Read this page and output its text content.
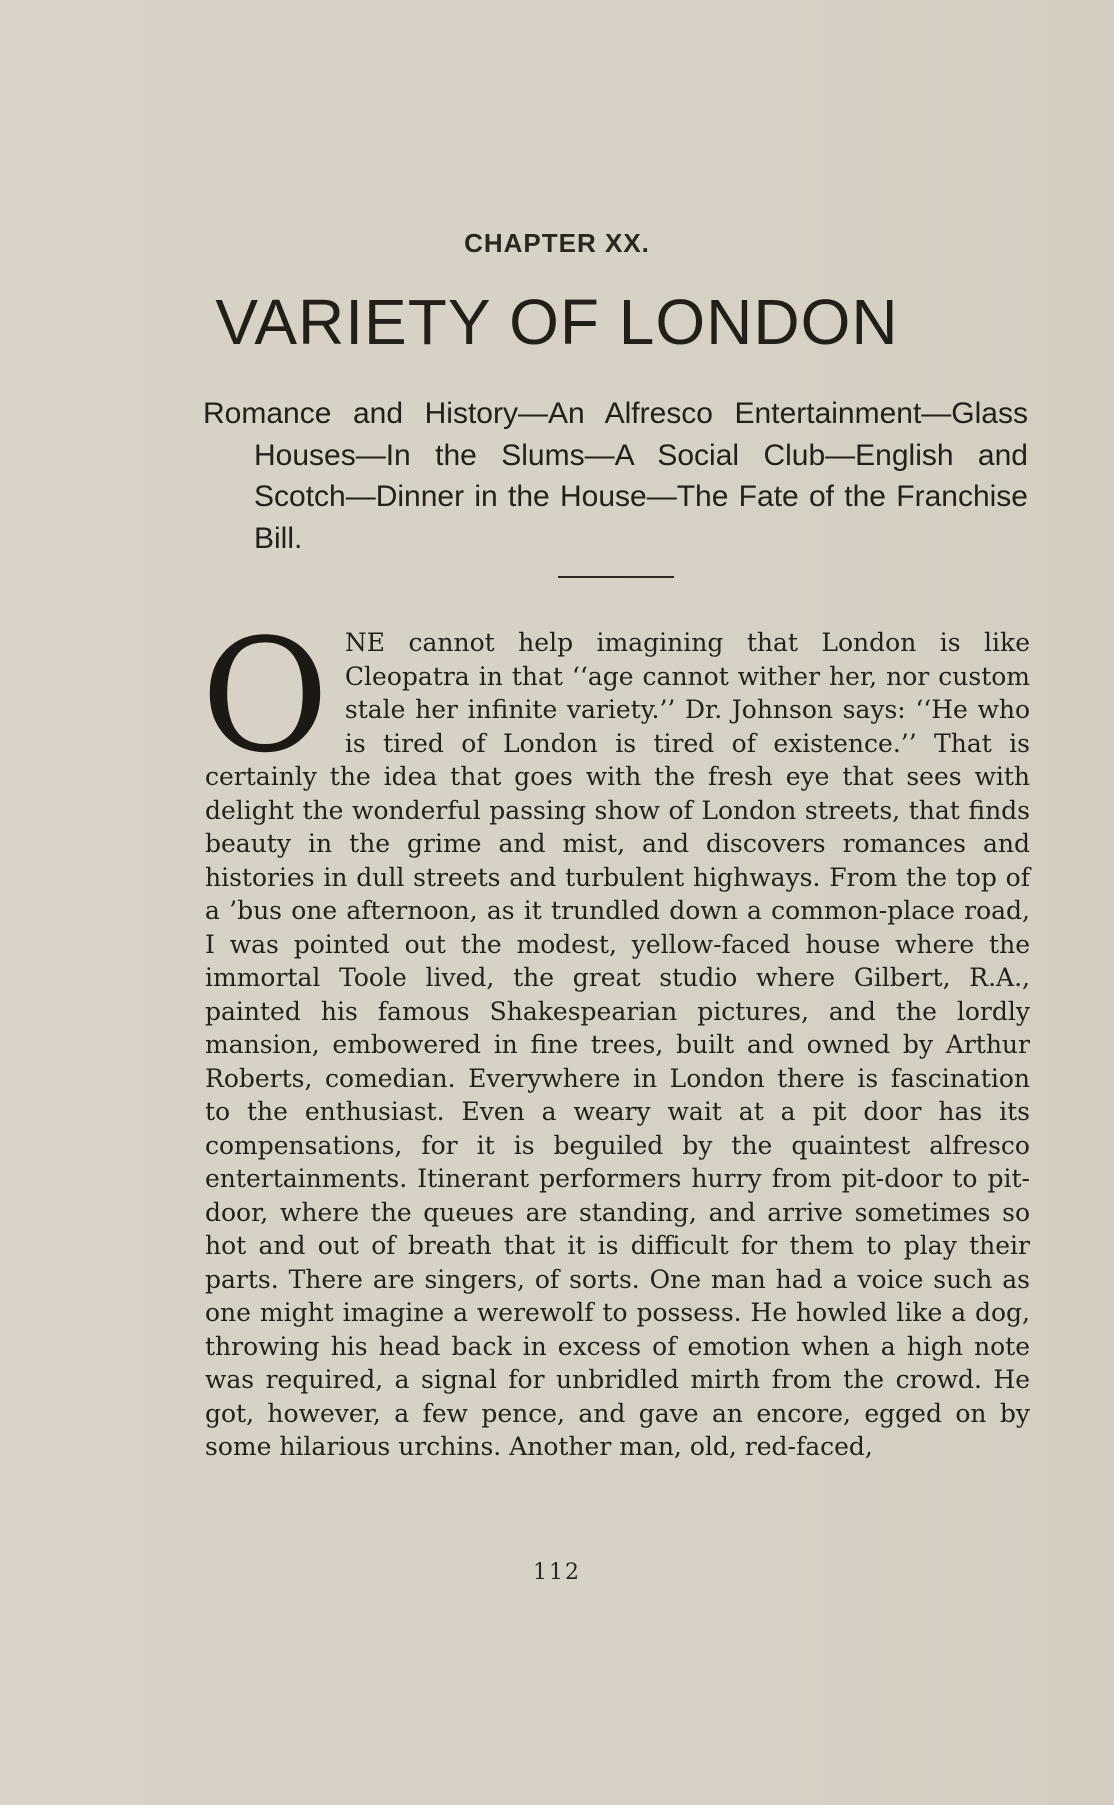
CHAPTER XX.
VARIETY OF LONDON

Romance and History—An Alfresco Entertainment—Glass Houses—In the Slums—A Social Club—English and Scotch—Dinner in the House—The Fate of the Franchise Bill.

ONE cannot help imagining that London is like Cleopatra in that ‘‘age cannot wither her, nor custom stale her infinite variety.’’ Dr. Johnson says: ‘‘He who is tired of London is tired of existence.’’ That is certainly the idea that goes with the fresh eye that sees with delight the wonderful passing show of London streets, that finds beauty in the grime and mist, and discovers romances and histories in dull streets and turbulent highways. From the top of a ’bus one afternoon, as it trundled down a common-place road, I was pointed out the modest, yellow-faced house where the immortal Toole lived, the great studio where Gilbert, R.A., painted his famous Shakespearian pictures, and the lordly mansion, embowered in fine trees, built and owned by Arthur Roberts, comedian. Everywhere in London there is fascination to the enthusiast. Even a weary wait at a pit door has its compensations, for it is beguiled by the quaintest alfresco entertainments. Itinerant performers hurry from pit-door to pit-door, where the queues are standing, and arrive sometimes so hot and out of breath that it is difficult for them to play their parts. There are singers, of sorts. One man had a voice such as one might imagine a werewolf to possess. He howled like a dog, throwing his head back in excess of emotion when a high note was required, a signal for unbridled mirth from the crowd. He got, however, a few pence, and gave an encore, egged on by some hilarious urchins. Another man, old, red-faced,

112
